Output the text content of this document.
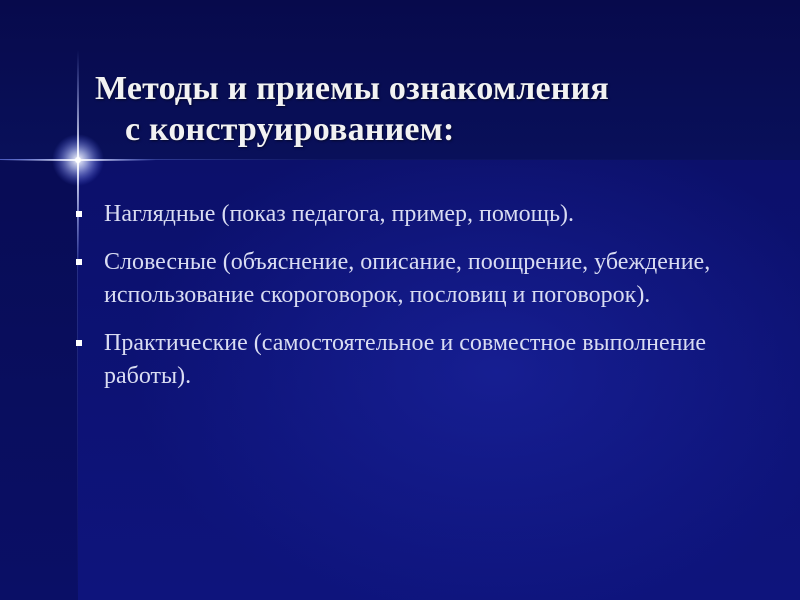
Методы и приемы ознакомления
с конструированием:
Наглядные (показ педагога, пример, помощь).
Словесные (объяснение, описание, поощрение, убеждение, использование скороговорок, пословиц и поговорок).
Практические (самостоятельное и совместное выполнение работы).
